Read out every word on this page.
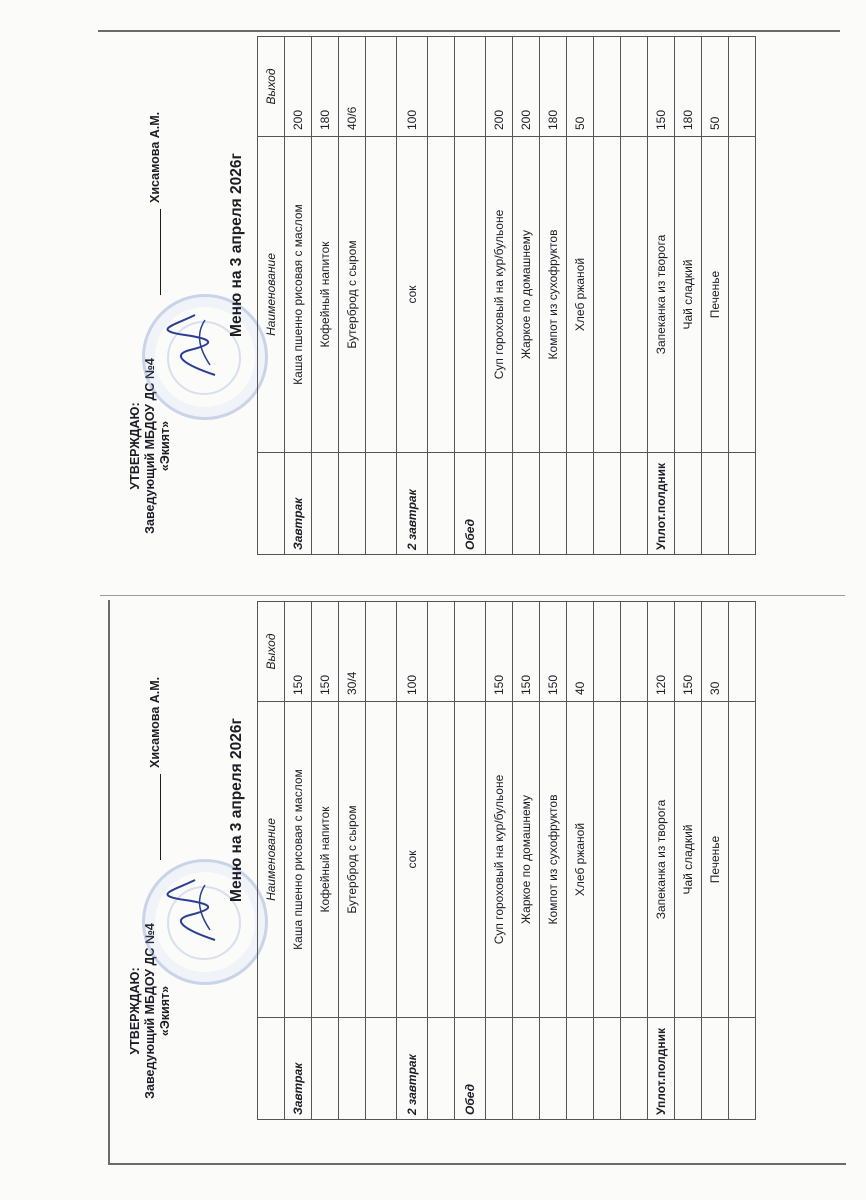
УТВЕРЖДАЮ: Заведующий МБДОУ ДС №4 «Экият»
Хисамова А.М.	Меню на 3 апреля 2026г
	Наименование	Выход
Завтрак	Каша пшенно рисовая с маслом	150
	Кофейный напиток	150
	Бутерброд с сыром	30/4

2 завтрак	сок	100

Обед		
	Суп гороховый на кур/бульоне	150
	Жаркое по домашнему	150
	Компот из сухофруктов	150
	Хлеб ржаной	40

Уплот.полдник	Запеканка из творога	120
	Чай сладкий	150
	Печенье	30

УТВЕРЖДАЮ: Заведующий МБДОУ ДС №4 «Экият»
Хисамова А.М.	Меню на 3 апреля 2026г
	Наименование	Выход
Завтрак	Каша пшенно рисовая с маслом	200
	Кофейный напиток	180
	Бутерброд с сыром	40/6

2 завтрак	сок	100

Обед		
	Суп гороховый на кур/бульоне	200
	Жаркое по домашнему	200
	Компот из сухофруктов	180
	Хлеб ржаной	50

Уплот.полдник	Запеканка из творога	150
	Чай сладкий	180
	Печенье	50
